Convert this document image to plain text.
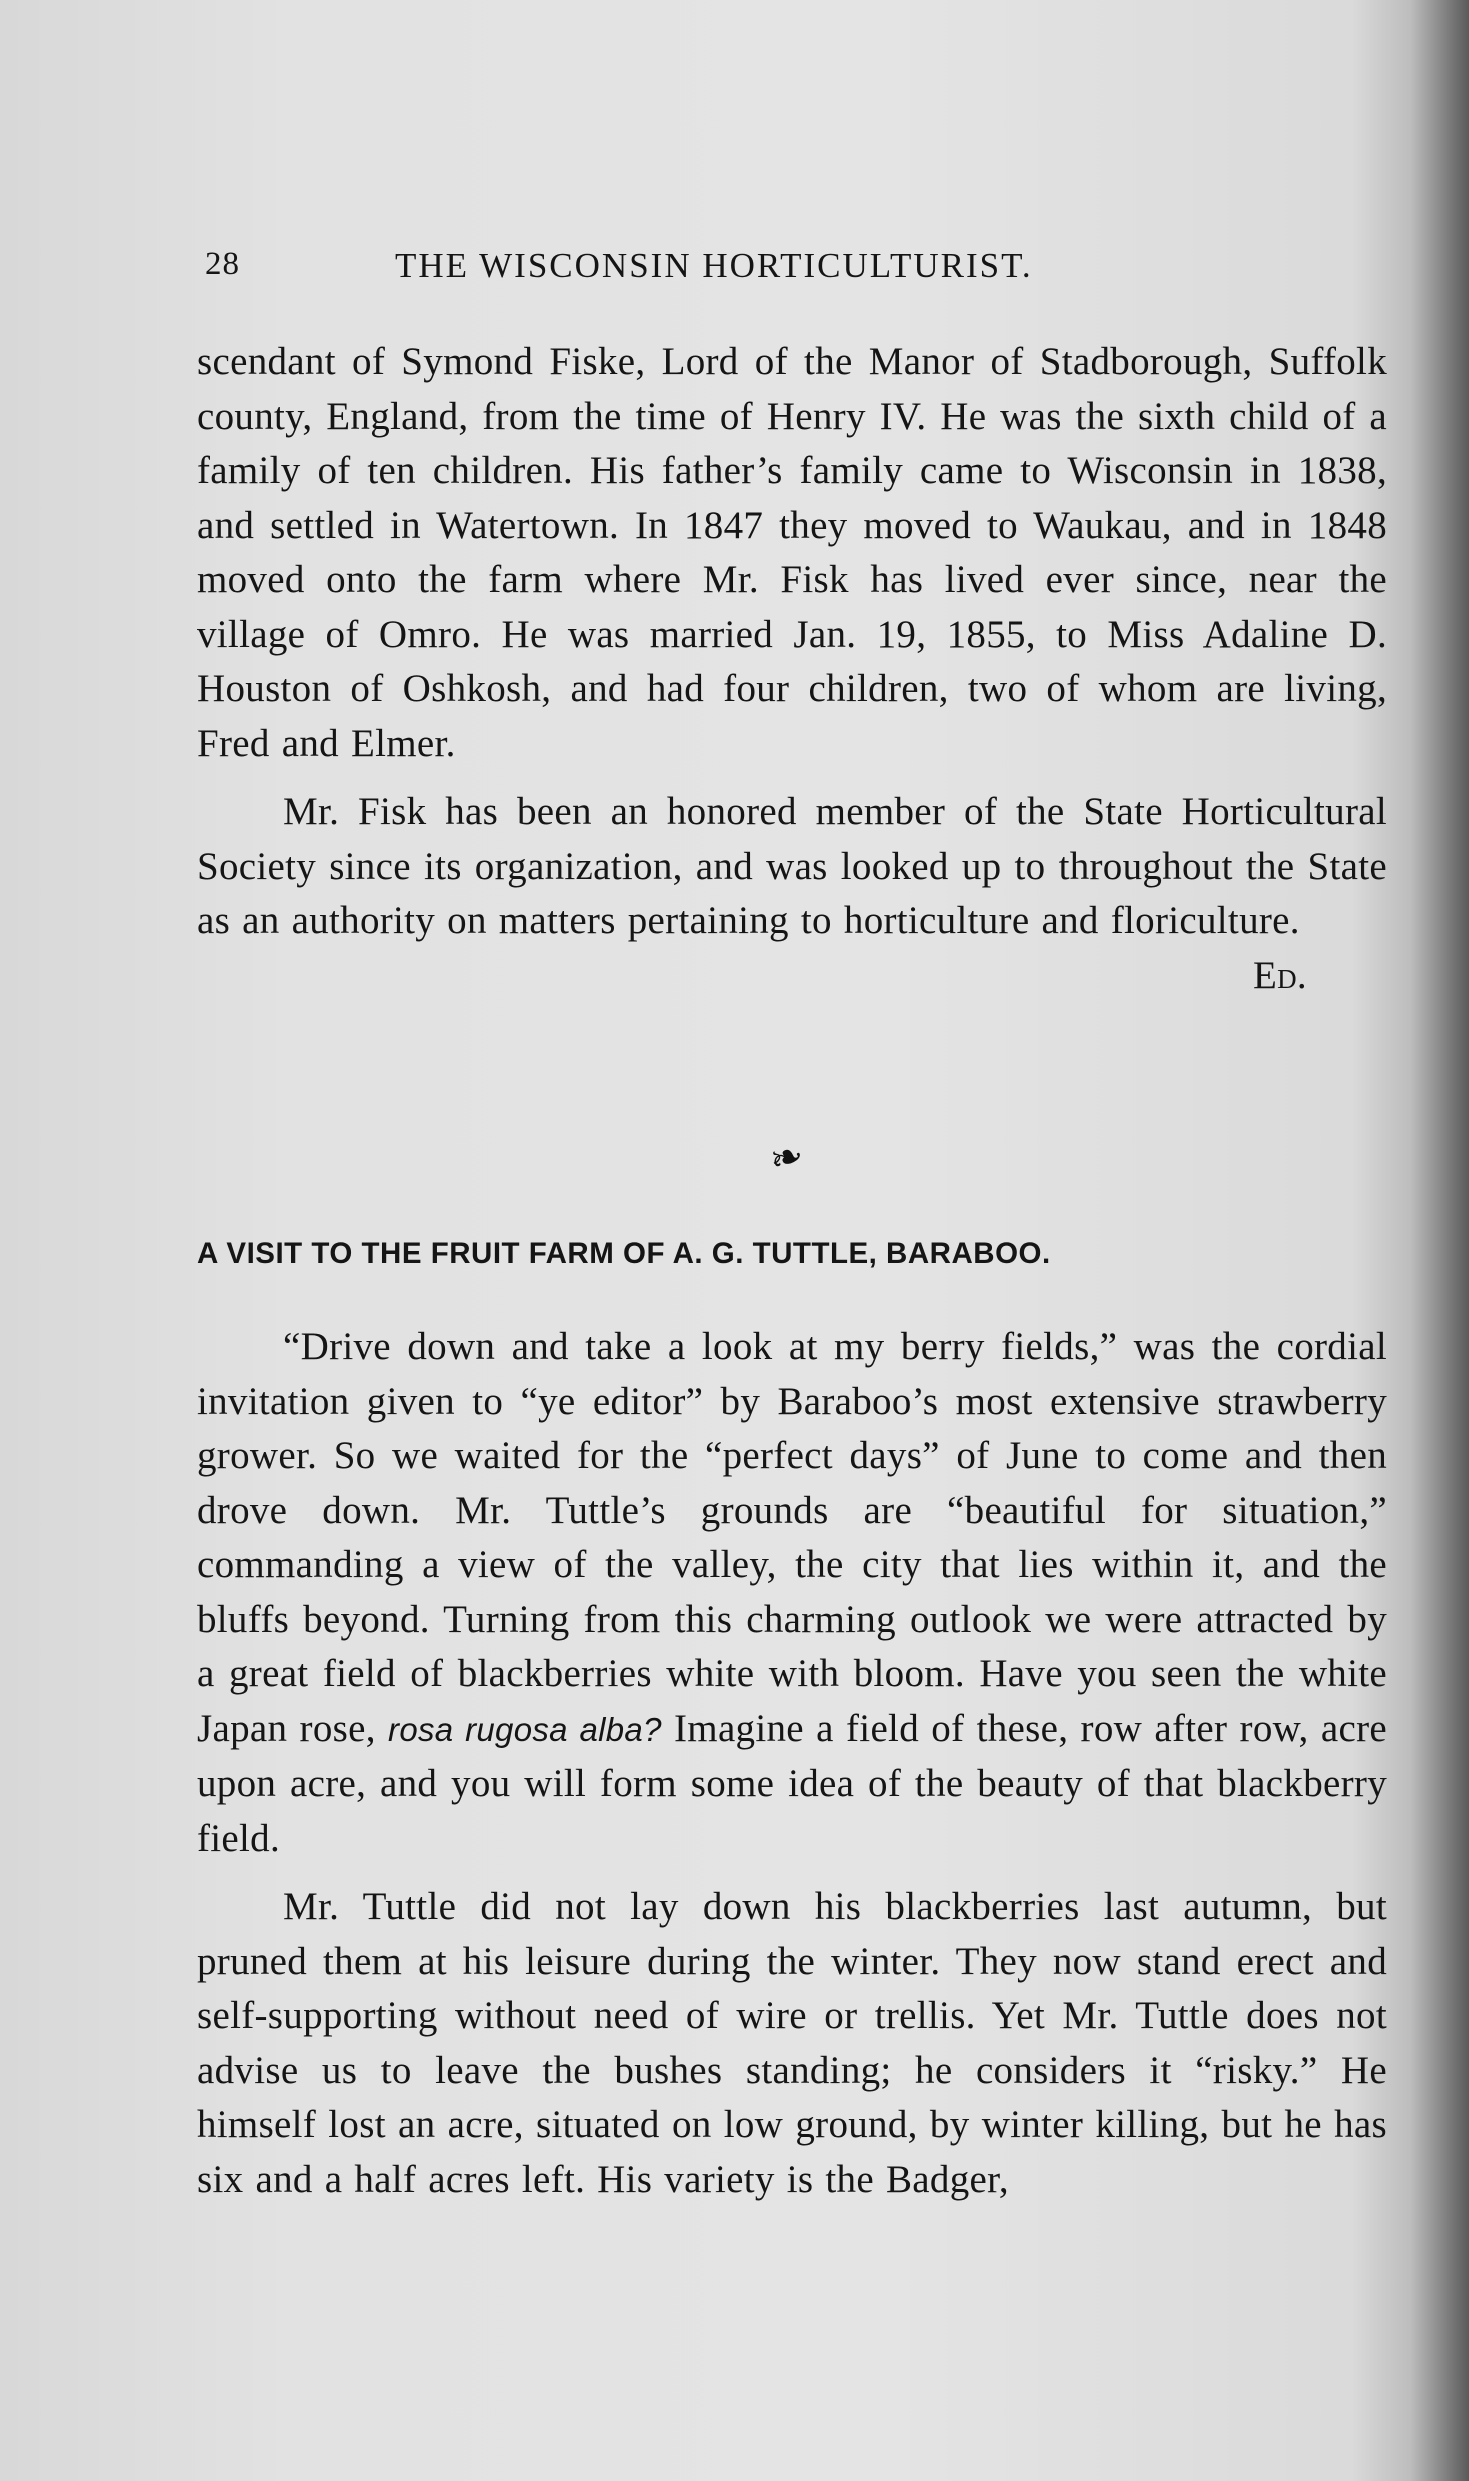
28	THE WISCONSIN HORTICULTURIST.

scendant of Symond Fiske, Lord of the Manor of Stadborough, Suffolk county, England, from the time of Henry IV. He was the sixth child of a family of ten children. His father’s family came to Wisconsin in 1838, and settled in Watertown. In 1847 they moved to Waukau, and in 1848 moved onto the farm where Mr. Fisk has lived ever since, near the village of Omro. He was married Jan. 19, 1855, to Miss Adaline D. Houston of Oshkosh, and had four children, two of whom are living, Fred and Elmer.

Mr. Fisk has been an honored member of the State Horticultural Society since its organization, and was looked up to throughout the State as an authority on matters pertaining to horticulture and floriculture.
Ed.

❧
A VISIT TO THE FRUIT FARM OF A. G. TUTTLE, BARABOO.

“Drive down and take a look at my berry fields,” was the cordial invitation given to “ye editor” by Baraboo’s most extensive strawberry grower. So we waited for the “perfect days” of June to come and then drove down. Mr. Tuttle’s grounds are “beautiful for situation,” commanding a view of the valley, the city that lies within it, and the bluffs beyond. Turning from this charming outlook we were attracted by a great field of blackberries white with bloom. Have you seen the white Japan rose, rosa rugosa alba? Imagine a field of these, row after row, acre upon acre, and you will form some idea of the beauty of that blackberry field.

Mr. Tuttle did not lay down his blackberries last autumn, but pruned them at his leisure during the winter. They now stand erect and self-supporting without need of wire or trellis. Yet Mr. Tuttle does not advise us to leave the bushes standing; he considers it “risky.” He himself lost an acre, situated on low ground, by winter killing, but he has six and a half acres left. His variety is the Badger,
